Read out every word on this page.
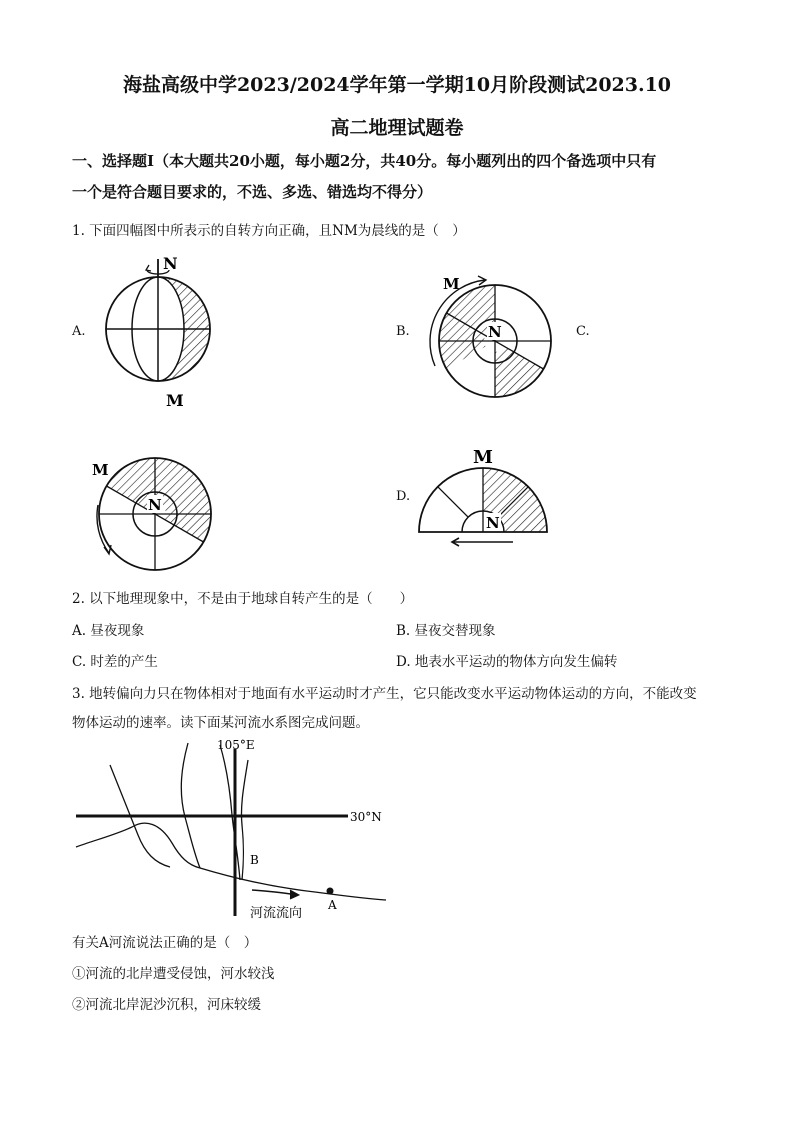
海盐高级中学2023/2024学年第一学期10月阶段测试2023.10
高二地理试题卷
一、选择题Ⅰ（本大题共20小题，每小题2分，共40分。每小题列出的四个备选项中只有
一个是符合题目要求的，不选、多选、错选均不得分）
1. 下面四幅图中所表示的自转方向正确，且NM为晨线的是（　）
A.
N
M
B.	N
M
C.
N
M
D.
N
M
2. 以下地理现象中，不是由于地球自转产生的是（　　）
A. 昼夜现象	B. 昼夜交替现象
C. 时差的产生	D. 地表水平运动的物体方向发生偏转
3. 地转偏向力只在物体相对于地面有水平运动时才产生，它只能改变水平运动物体运动的方向，不能改变
物体运动的速率。读下面某河流水系图完成问题。
105°E
30°N
B
A
河流流向
有关A河流说法正确的是（　）
①河流的北岸遭受侵蚀，河水较浅
②河流北岸泥沙沉积，河床较缓
